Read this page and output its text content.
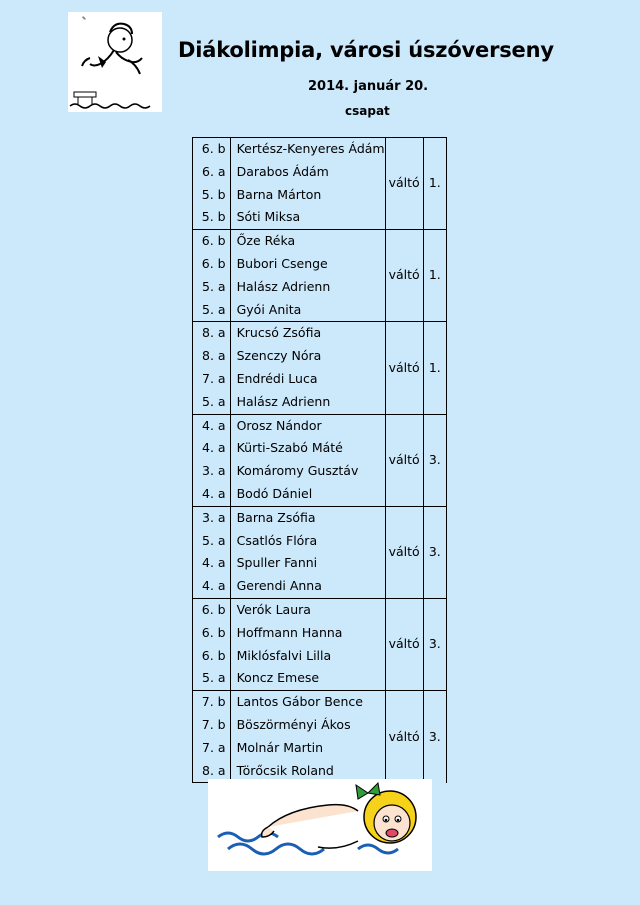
✎
Diákolimpia, városi úszóverseny
2014. január 20.
csapat
6. b	Kertész-Kenyeres Ádám	váltó	1.
6. a	Darabos Ádám		
5. b	Barna Márton		
5. b	Sóti Miksa		
6. b	Őze Réka	váltó	1.
6. b	Bubori Csenge		
5. a	Halász Adrienn		
5. a	Gyói Anita		
8. a	Krucsó Zsófia	váltó	1.
8. a	Szenczy Nóra		
7. a	Endrédi Luca		
5. a	Halász Adrienn		
4. a	Orosz Nándor	váltó	3.
4. a	Kürti-Szabó Máté		
3. a	Komáromy Gusztáv		
4. a	Bodó Dániel		
3. a	Barna Zsófia	váltó	3.
5. a	Csatlós Flóra		
4. a	Spuller Fanni		
4. a	Gerendi Anna		
6. b	Verók Laura	váltó	3.
6. b	Hoffmann Hanna		
6. b	Miklósfalvi Lilla		
5. a	Koncz Emese		
7. b	Lantos Gábor Bence	váltó	3.
7. b	Böszörményi Ákos		
7. a	Molnár Martin		
8. a	Törőcsik Roland		
